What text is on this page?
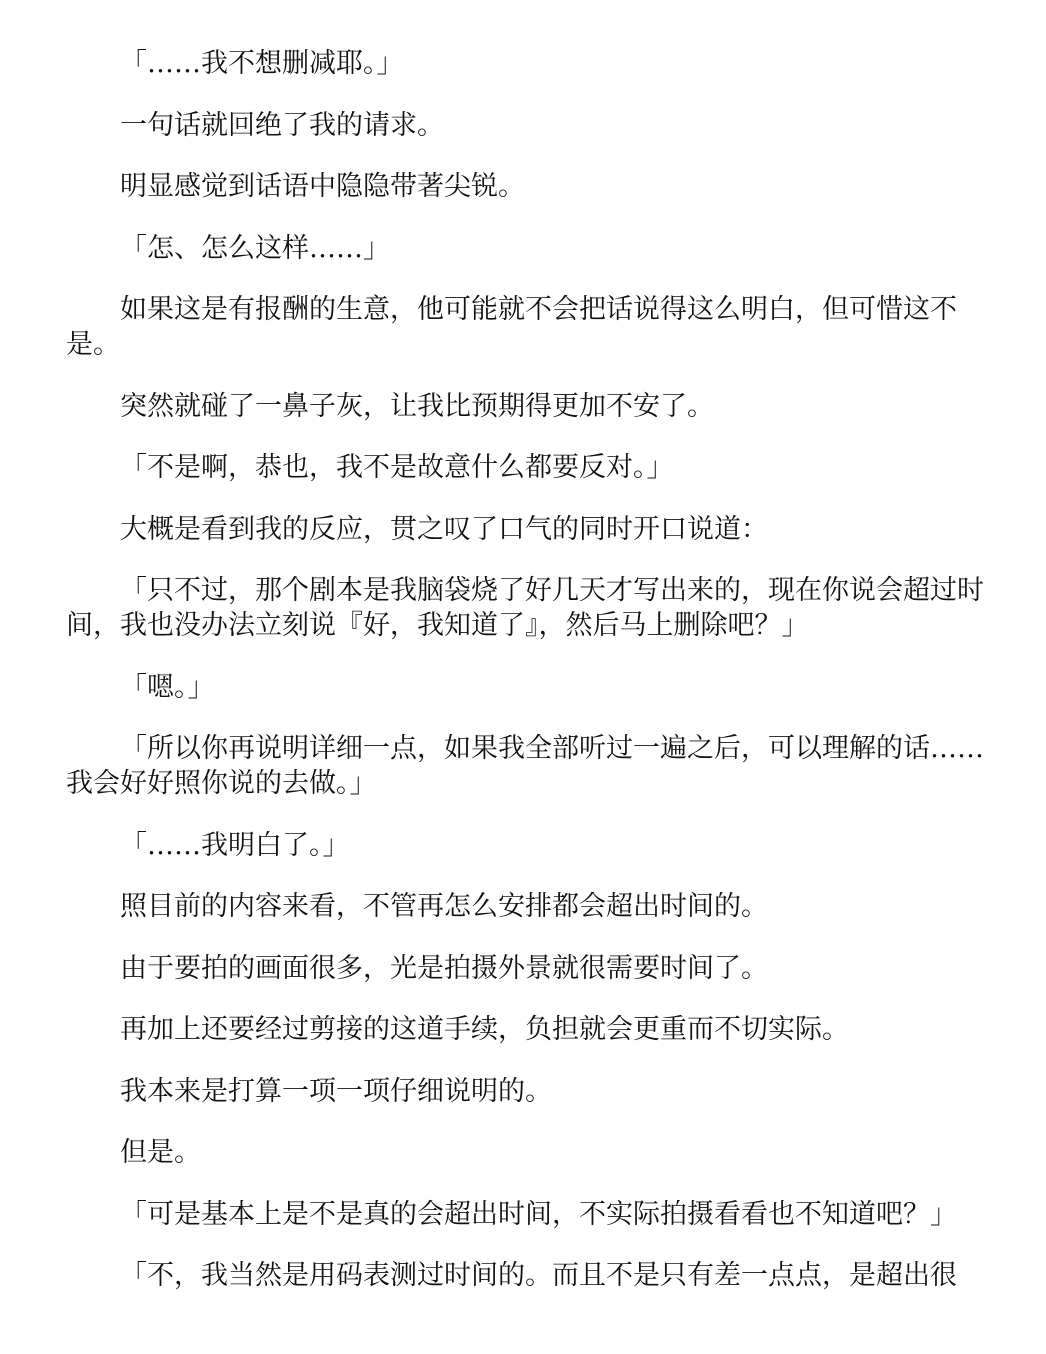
「……我不想删减耶。」

一句话就回绝了我的请求。

明显感觉到话语中隐隐带著尖锐。

「怎、怎么这样……」

如果这是有报酬的生意，他可能就不会把话说得这么明白，但可惜这不是。

突然就碰了一鼻子灰，让我比预期得更加不安了。

「不是啊，恭也，我不是故意什么都要反对。」

大概是看到我的反应，贯之叹了口气的同时开口说道：

「只不过，那个剧本是我脑袋烧了好几天才写出来的，现在你说会超过时间，我也没办法立刻说『好，我知道了』，然后马上删除吧？」

「嗯。」

「所以你再说明详细一点，如果我全部听过一遍之后，可以理解的话……我会好好照你说的去做。」

「……我明白了。」

照目前的内容来看，不管再怎么安排都会超出时间的。

由于要拍的画面很多，光是拍摄外景就很需要时间了。

再加上还要经过剪接的这道手续，负担就会更重而不切实际。

我本来是打算一项一项仔细说明的。

但是。

「可是基本上是不是真的会超出时间，不实际拍摄看看也不知道吧？」

「不，我当然是用码表测过时间的。而且不是只有差一点点，是超出很
